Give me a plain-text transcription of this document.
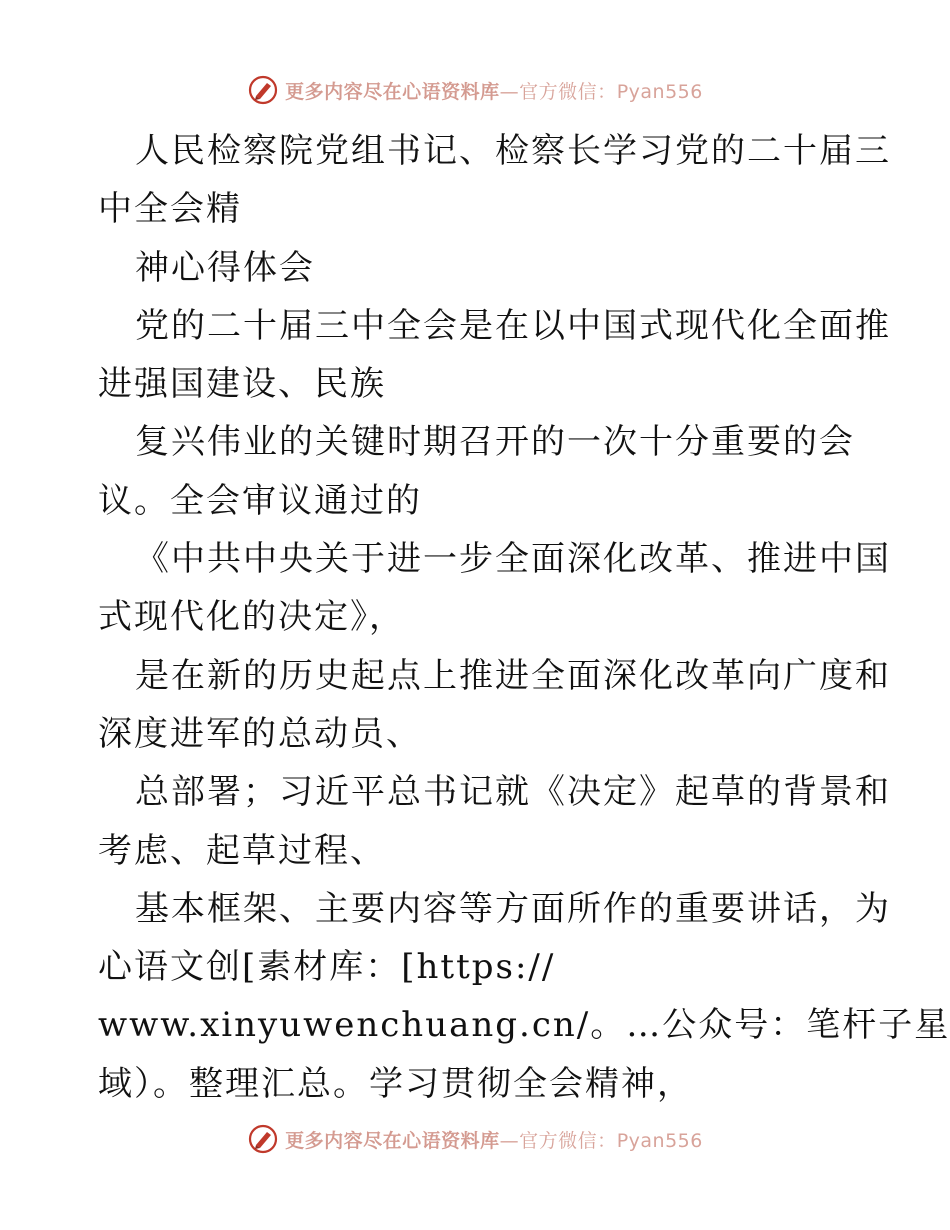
更多内容尽在心语资料库—官方微信：Pyan556
人民检察院党组书记、检察长学习党的二十届三
中全会精
神心得体会
党的二十届三中全会是在以中国式现代化全面推
进强国建设、民族
复兴伟业的关键时期召开的一次十分重要的会
议。全会审议通过的
《中共中央关于进一步全面深化改革、推进中国
式现代化的决定》，
是在新的历史起点上推进全面深化改革向广度和
深度进军的总动员、
总部署；习近平总书记就《决定》起草的背景和
考虑、起草过程、
基本框架、主要内容等方面所作的重要讲话，为
心语文创[素材库：[https://
www.xinyuwenchuang.cn/。…公众号：笔杆子星
域）。整理汇总。学习贯彻全会精神，
更多内容尽在心语资料库—官方微信：Pyan556
